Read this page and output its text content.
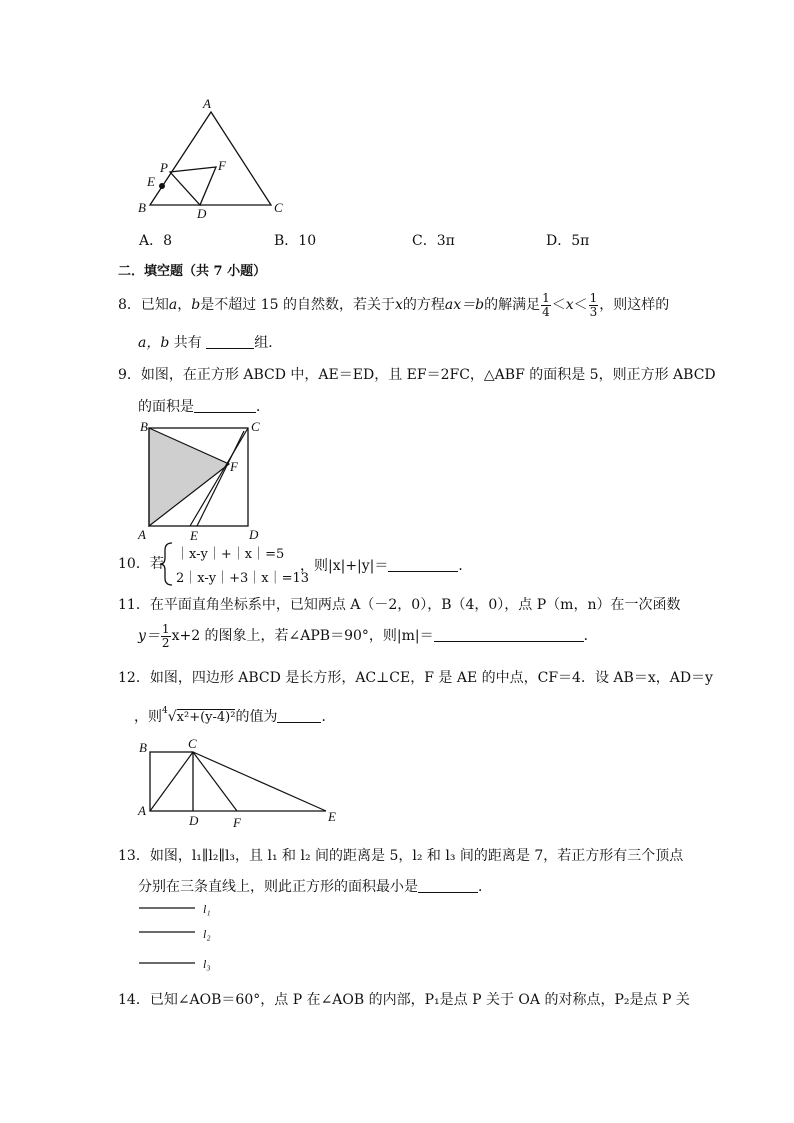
A
P
E
F
B	D	C
A．8	B．10	C．3π	D．5π
二．填空题（共 7 小题）
8．已知a，b是不超过 15 的自然数，若关于x的方程ax＝b的解满足 $\frac{1}{4} <x< \frac{1}{3}$ ，则这样的
a，b 共有	组．
9．如图，在正方形 ABCD 中，AE＝ED，且 EF＝2FC，△ABF 的面积是 5，则正方形 ABCD
的面积是	．
B	C
F
A	E	D
10．若
｜x-y｜+｜x｜=5
2｜x-y｜+3｜x｜=13
，则|x|+|y|＝	．
11．在平面直角坐标系中，已知两点 A（－2，0），B（4，0），点 P（m，n）在一次函数
$y= \frac{1}{2} x+2$ 的图象上，若∠APB＝90°，则|m|＝	．
12．如图，四边形 ABCD 是长方形，AC⊥CE，F 是 AE 的中点，CF＝4．设 AB＝x，AD＝y
，则$^4$√x²+(y-4)²的值为	．
B	C
A
D	F	E
13．如图，l₁∥l₂∥l₃，且 l₁ 和 l₂ 间的距离是 5，l₂ 和 l₃ 间的距离是 7，若正方形有三个顶点
分别在三条直线上，则此正方形的面积最小是	．
l₁
l₂
l₃
14．已知∠AOB＝60°，点 P 在∠AOB 的内部，P₁是点 P 关于 OA 的对称点，P₂是点 P 关
